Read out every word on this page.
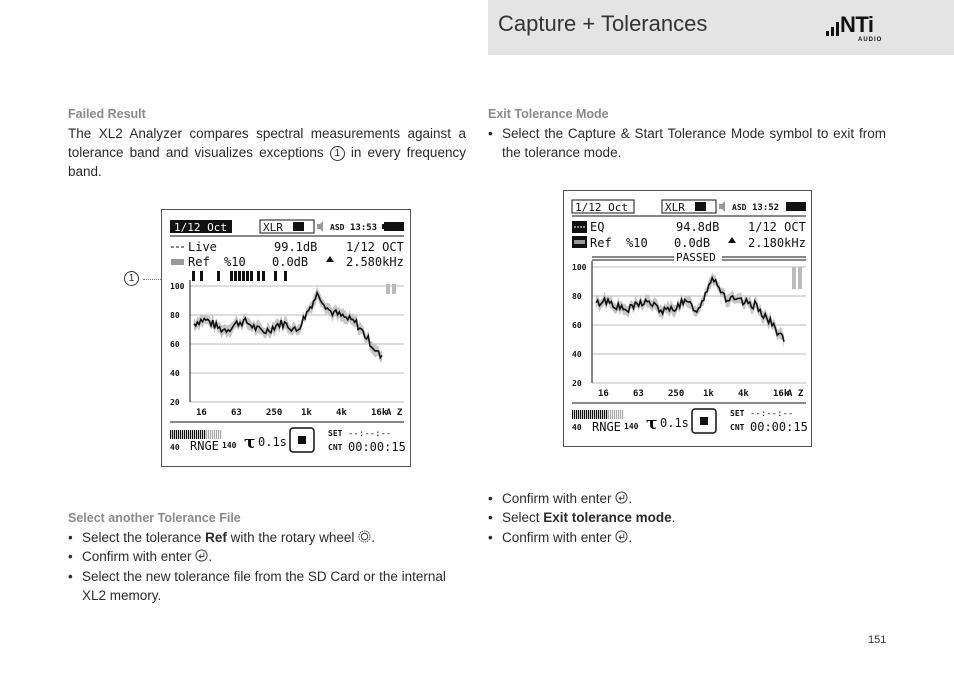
Capture + Tolerances	NTi
AUDIO
Failed Result
The XL2 Analyzer compares spectral measurements against a tolerance band and visualizes exceptions 1 in every frequency band.
1
1/12 Oct	XLR	ASD 13:53
Live	99.1dB 1/12 OCT
Ref %10 0.0dB	2.580kHz
100
80
60
40
20
16	63	250 1k	4k	16k
A Z
40 RNGE 140 τ 0.1s
SET --:--:--
CNT 00:00:15
Select another Tolerance File
• Select the tolerance Ref with the rotary wheel .
• Confirm with enter .
• Select the new tolerance file from the SD Card or the internal XL2 memory.
Exit Tolerance Mode
• Select the Capture & Start Tolerance Mode symbol to exit from the tolerance mode.
1/12 Oct	XLR	ASD 13:52
EQ	94.8dB 1/12 OCT
Ref %10 0.0dB	2.180kHz
PASSED
100
80
60
40
20
16	63	250 1k	4k	16k
A Z
40 RNGE 140 τ 0.1s
SET --:--:--
CNT 00:00:15
• Confirm with enter .
• Select Exit tolerance mode.
• Confirm with enter .
151
